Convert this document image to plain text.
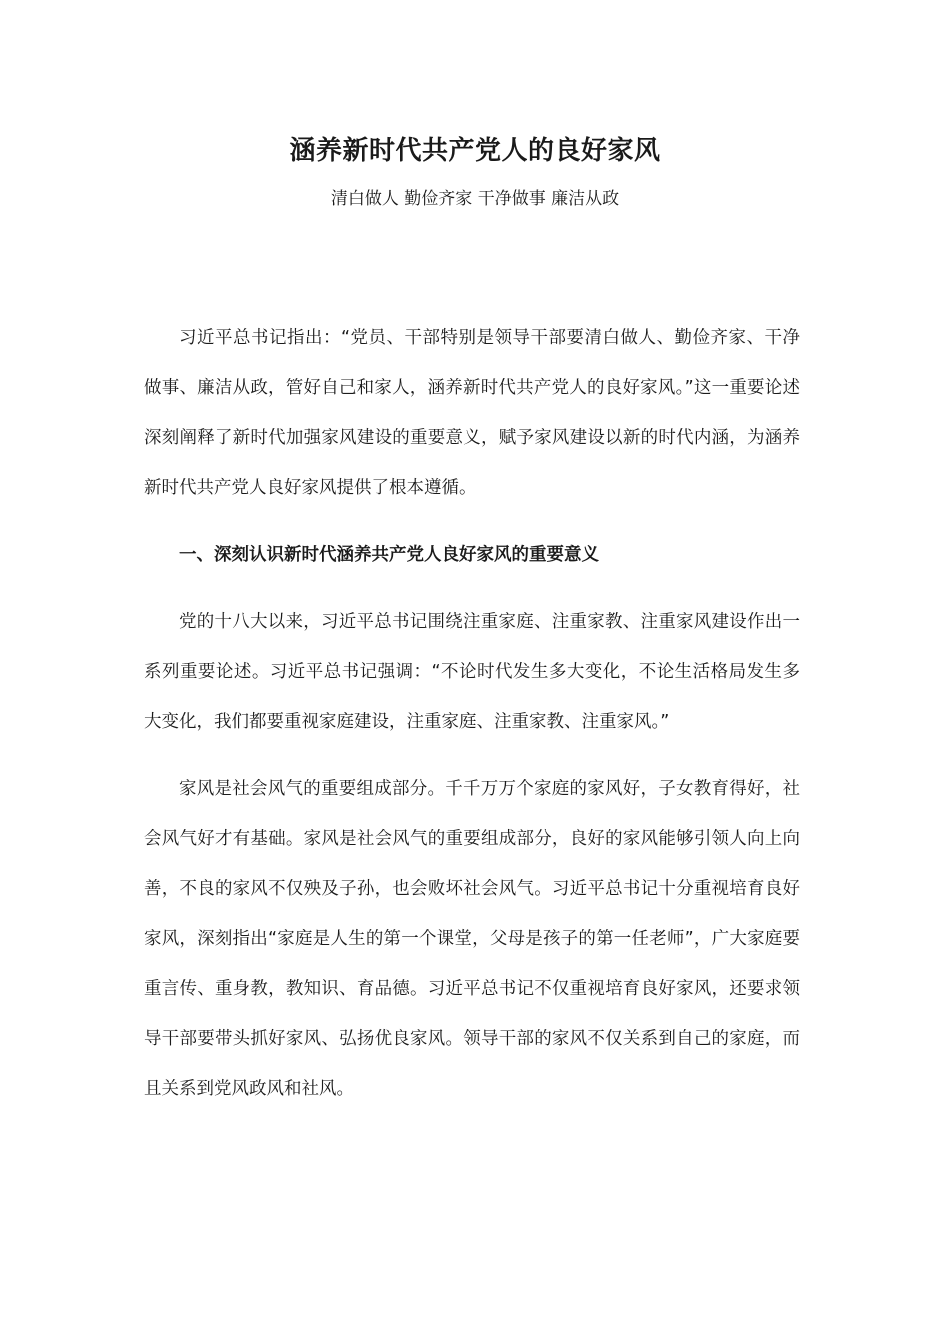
涵养新时代共产党人的良好家风

清白做人 勤俭齐家 干净做事 廉洁从政

习近平总书记指出：“党员、干部特别是领导干部要清白做人、勤俭齐家、干净做事、廉洁从政，管好自己和家人，涵养新时代共产党人的良好家风。”这一重要论述深刻阐释了新时代加强家风建设的重要意义，赋予家风建设以新的时代内涵，为涵养新时代共产党人良好家风提供了根本遵循。

一、深刻认识新时代涵养共产党人良好家风的重要意义

党的十八大以来，习近平总书记围绕注重家庭、注重家教、注重家风建设作出一系列重要论述。习近平总书记强调：“不论时代发生多大变化，不论生活格局发生多大变化，我们都要重视家庭建设，注重家庭、注重家教、注重家风。”

家风是社会风气的重要组成部分。千千万万个家庭的家风好，子女教育得好，社会风气好才有基础。家风是社会风气的重要组成部分，良好的家风能够引领人向上向善，不良的家风不仅殃及子孙，也会败坏社会风气。习近平总书记十分重视培育良好家风，深刻指出“家庭是人生的第一个课堂，父母是孩子的第一任老师”，广大家庭要重言传、重身教，教知识、育品德。习近平总书记不仅重视培育良好家风，还要求领导干部要带头抓好家风、弘扬优良家风。领导干部的家风不仅关系到自己的家庭，而且关系到党风政风和社风。
